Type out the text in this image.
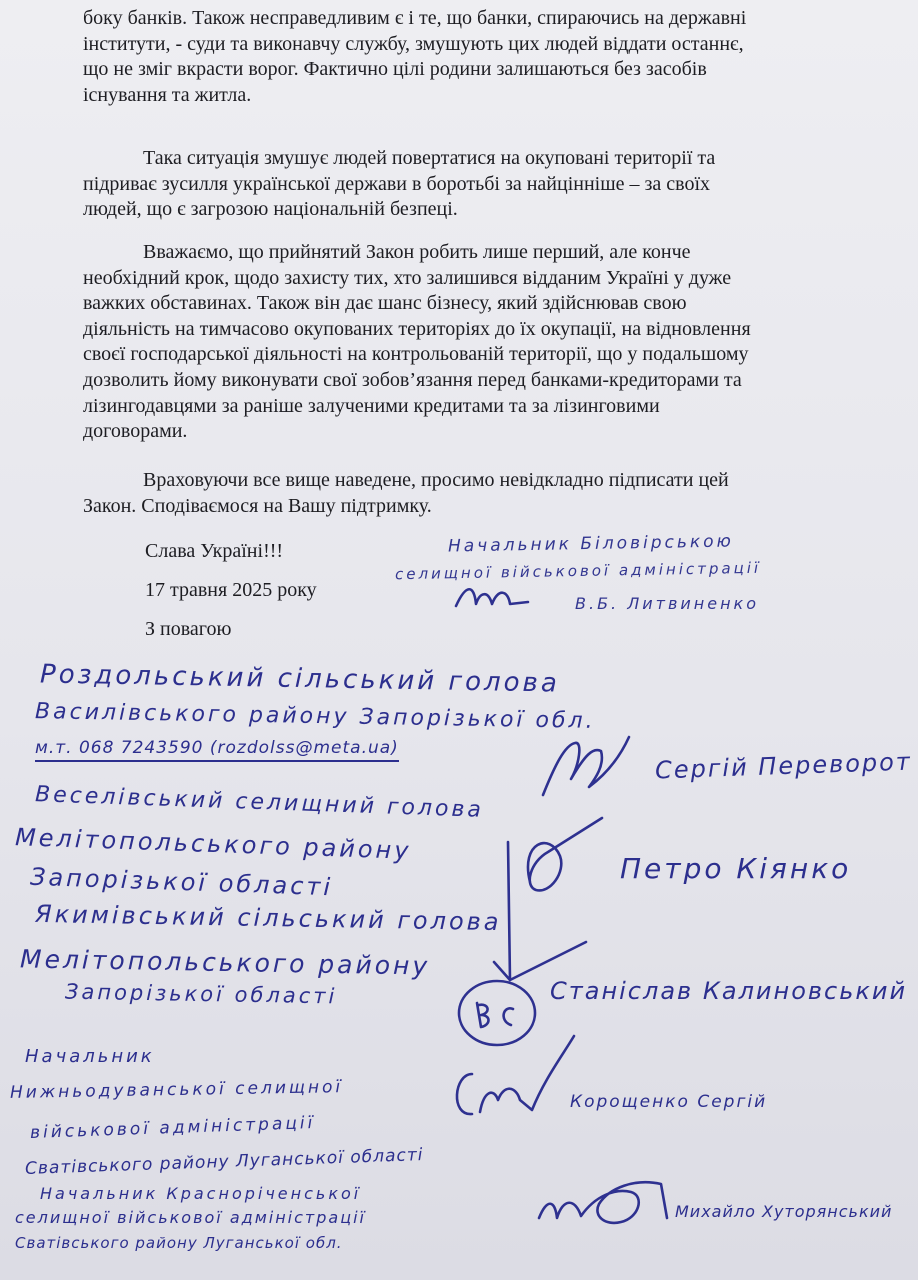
боку банків. Також несправедливим є і те, що банки, спираючись на державні
інститути, - суди та виконавчу службу, змушують цих людей віддати останнє,
що не зміг вкрасти ворог. Фактично цілі родини залишаються без засобів
існування та житла.

Така ситуація змушує людей повертатися на окуповані території та
підриває зусилля української держави в боротьбі за найцінніше – за своїх
людей, що є загрозою національній безпеці.

Вважаємо, що прийнятий Закон робить лише перший, але конче
необхідний крок, щодо захисту тих, хто залишився відданим Україні у дуже
важких обставинах. Також він дає шанс бізнесу, який здійснював свою
діяльність на тимчасово окупованих територіях до їх окупації, на відновлення
своєї господарської діяльності на контрольованій території, що у подальшому
дозволить йому виконувати свої зобов’язання перед банками-кредиторами та
лізингодавцями за раніше залученими кредитами та за лізинговими
договорами.

Враховуючи все вище наведене, просимо невідкладно підписати цей
Закон. Сподіваємося на Вашу підтримку.

Слава Україні!!!

17 травня 2025 року

З повагою

Начальник Біловірською

селищної військової адміністрації

В.Б. Литвиненко

Роздольський сільський голова

Василівського району Запорізької обл.

м.т. 068 7243590 (rozdolss@meta.ua)	Сергій Переворот

Веселівський селищний голова

Мелітопольського району

Запорізької області	Петро Кіянко

Якимівський сільський голова

Мелітопольського району

Запорізької області	Станіслав Калиновський

Начальник

Нижньодуванської селищної

військової адміністрації

Сватівського району Луганської області

Корощенко Сергій

Начальник Красноріченської

селищної військової адміністрації

Сватівського району Луганської обл.

Михайло Хуторянський
